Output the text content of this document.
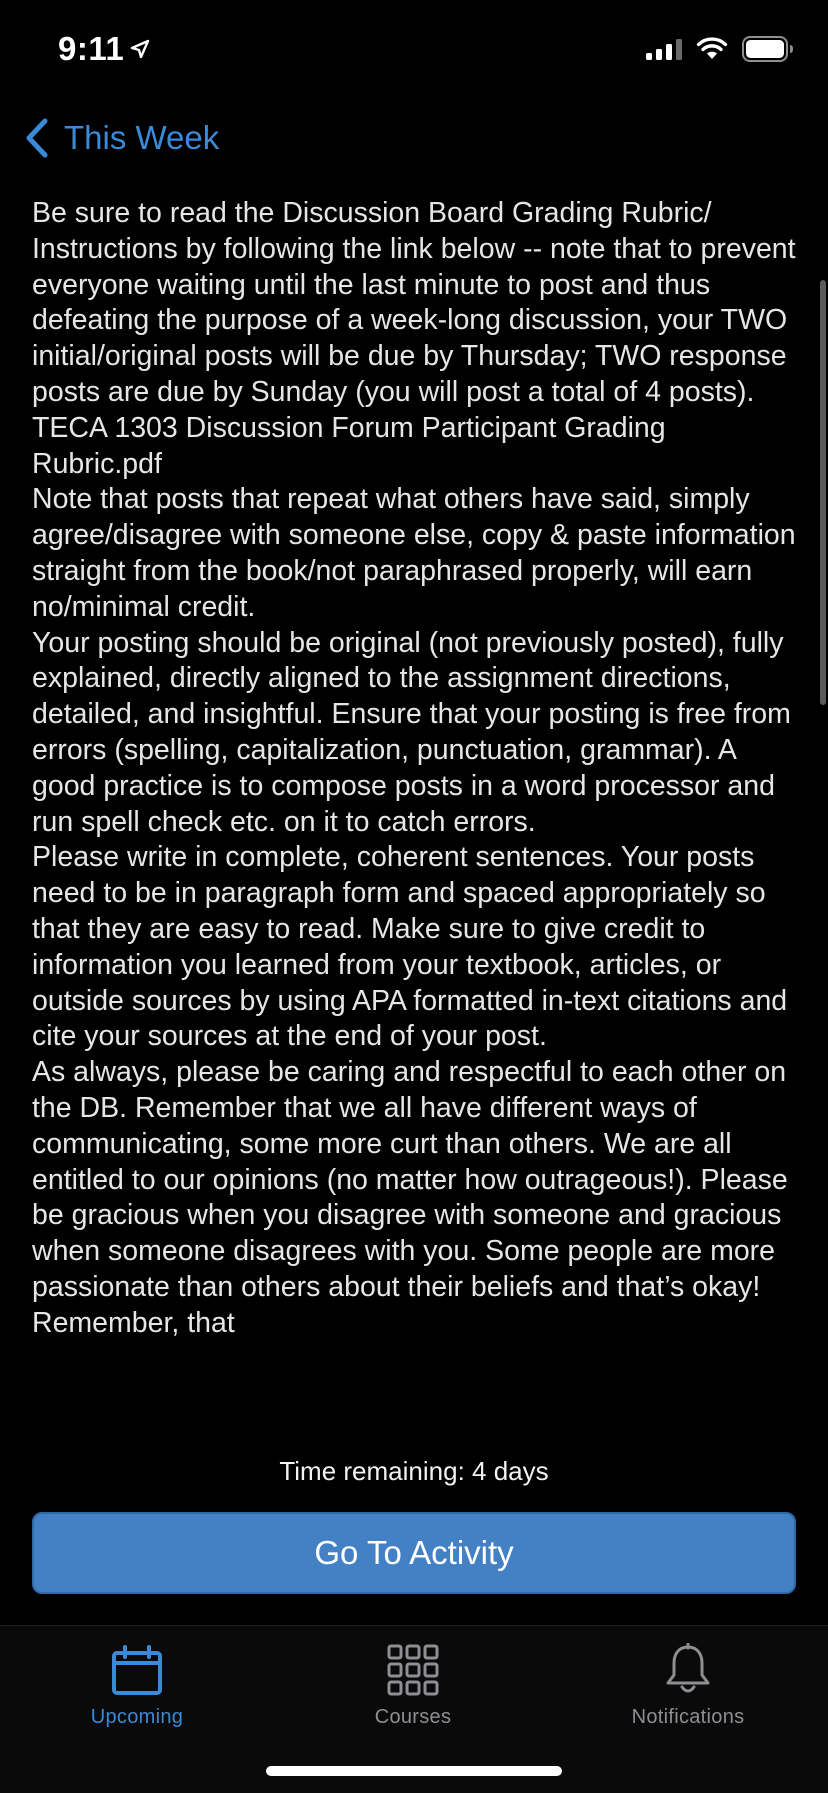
9:11
This Week

Be sure to read the Discussion Board Grading Rubric/ Instructions by following the link below -- note that to prevent everyone waiting until the last minute to post and thus defeating the purpose of a week-long discussion, your TWO initial/original posts will be due by Thursday; TWO response posts are due by Sunday (you will post a total of 4 posts).

TECA 1303 Discussion Forum Participant Grading Rubric.pdf

Note that posts that repeat what others have said, simply agree/disagree with someone else, copy & paste information straight from the book/not paraphrased properly, will earn no/minimal credit.

Your posting should be original (not previously posted), fully explained, directly aligned to the assignment directions, detailed, and insightful. Ensure that your posting is free from errors (spelling, capitalization, punctuation, grammar). A good practice is to compose posts in a word processor and run spell check etc. on it to catch errors.

Please write in complete, coherent sentences. Your posts need to be in paragraph form and spaced appropriately so that they are easy to read. Make sure to give credit to information you learned from your textbook, articles, or outside sources by using APA formatted in-text citations and cite your sources at the end of your post.

As always, please be caring and respectful to each other on the DB. Remember that we all have different ways of communicating, some more curt than others. We are all entitled to our opinions (no matter how outrageous!). Please be gracious when you disagree with someone and gracious when someone disagrees with you. Some people are more passionate than others about their beliefs and that’s okay! Remember, that

Time remaining: 4 days
Go To Activity
Upcoming	Courses	Notifications
